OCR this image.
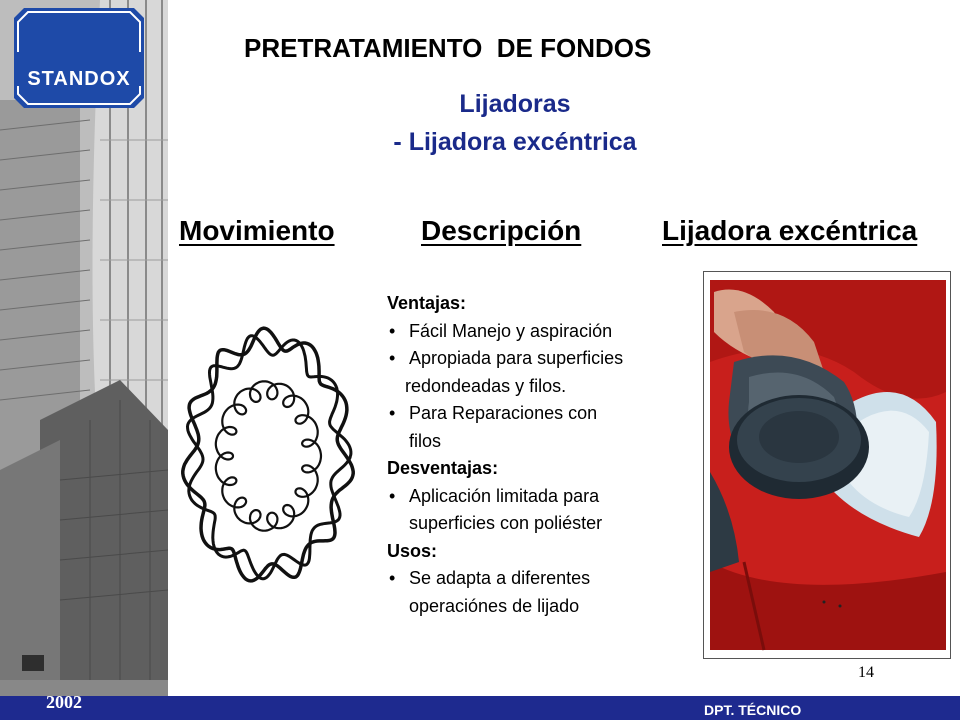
STANDOX
PRETRATAMIENTO  DE FONDOS
Lijadoras
- Lijadora excéntrica
Movimiento	Descripción	Lijadora excéntrica
Ventajas:
• Fácil Manejo y aspiración
• Apropiada para superficies
redondeadas y filos.
• Para Reparaciones con
filos
Desventajas:
• Aplicación limitada para
superficies con poliéster
Usos:
• Se adapta a diferentes
operaciónes de lijado
2002	DPT. TÉCNICO
14
